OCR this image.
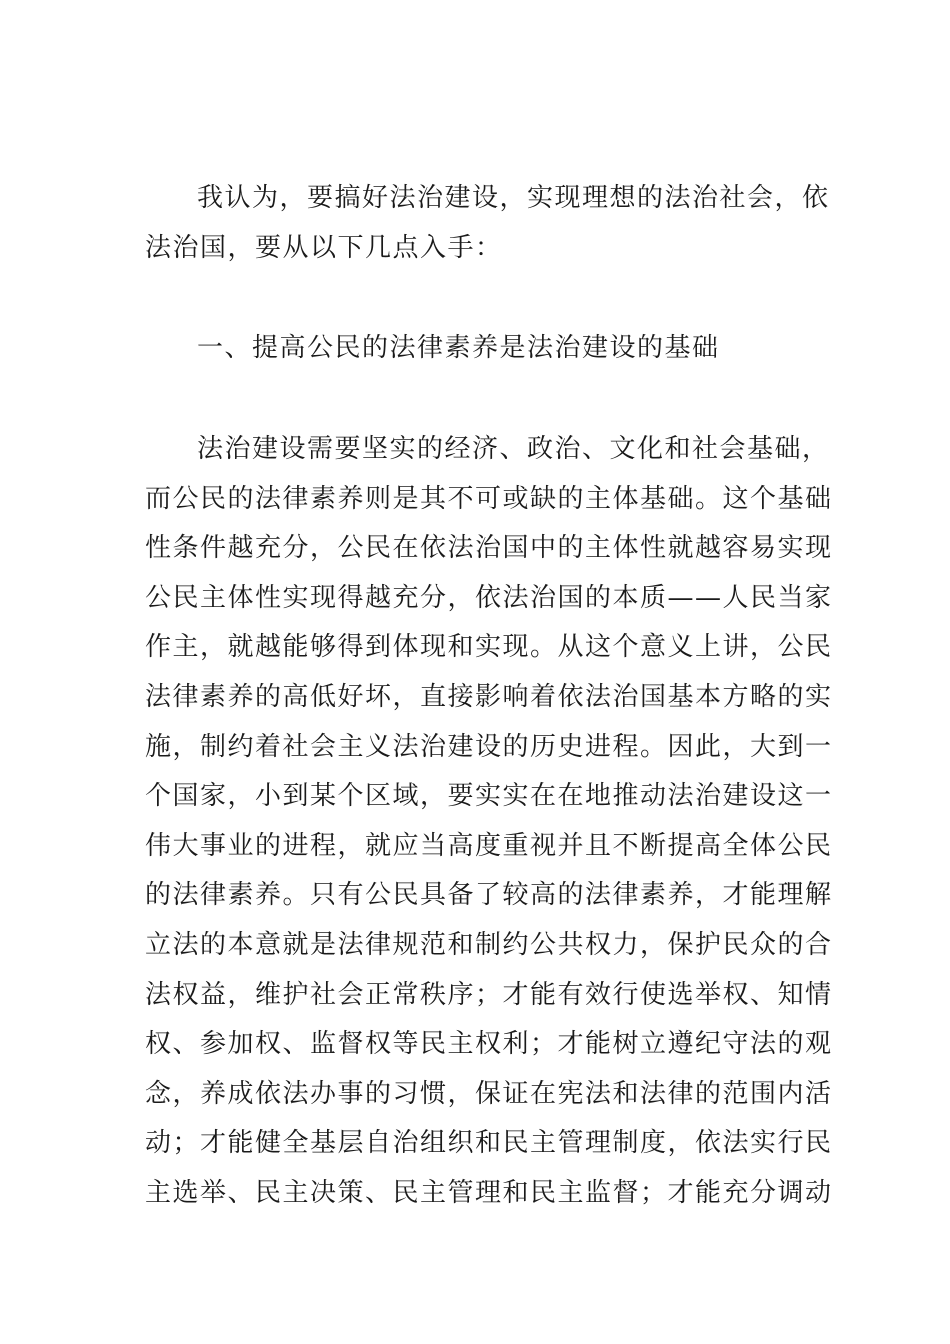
我认为，要搞好法治建设，实现理想的法治社会，依
法治国，要从以下几点入手：
一、提高公民的法律素养是法治建设的基础
法治建设需要坚实的经济、政治、文化和社会基础，
而公民的法律素养则是其不可或缺的主体基础。这个基础
性条件越充分，公民在依法治国中的主体性就越容易实现
公民主体性实现得越充分，依法治国的本质——人民当家
作主，就越能够得到体现和实现。从这个意义上讲，公民
法律素养的高低好坏，直接影响着依法治国基本方略的实
施，制约着社会主义法治建设的历史进程。因此，大到一
个国家，小到某个区域，要实实在在地推动法治建设这一
伟大事业的进程，就应当高度重视并且不断提高全体公民
的法律素养。只有公民具备了较高的法律素养，才能理解
立法的本意就是法律规范和制约公共权力，保护民众的合
法权益，维护社会正常秩序；才能有效行使选举权、知情
权、参加权、监督权等民主权利；才能树立遵纪守法的观
念，养成依法办事的习惯，保证在宪法和法律的范围内活
动；才能健全基层自治组织和民主管理制度，依法实行民
主选举、民主决策、民主管理和民主监督；才能充分调动
